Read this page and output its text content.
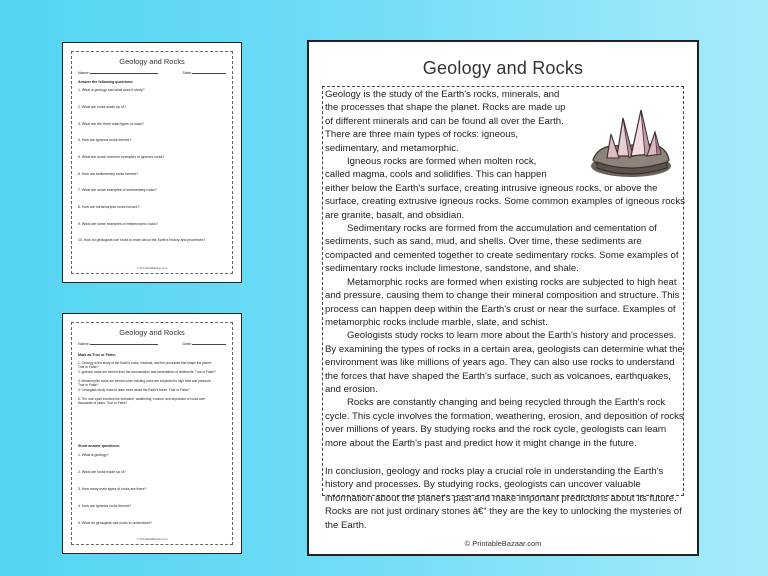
Geology and Rocks
Name:	Date:
Answer the following questions:
1. What is geology and what does it study?
2. What are rocks made up of?
3. What are the three main types of rocks?
4. How are igneous rocks formed?
5. What are some common examples of igneous rocks?
6. How are sedimentary rocks formed?
7. What are some examples of sedimentary rocks?
8. How are metamorphic rocks formed?
9. What are some examples of metamorphic rocks?
10. How do geologists use rocks to learn about the Earth's history and processes?
© PrintableBazaar.com
Geology and Rocks
Name:	Date:
Mark as True or False:
1. Geology is the study of the Earth's rocks, minerals, and the processes that shape the planet. True or False?
2. Igneous rocks are formed from the accumulation and cementation of sediments. True or False?
3. Metamorphic rocks are formed when existing rocks are subjected to high heat and pressure. True or False?
4. Geologists study rocks to learn more about the Earth's future. True or False?
5. The rock cycle involves the formation, weathering, erosion, and deposition of rocks over thousands of years. True or False?
Short answer questions:
1. What is geology?
2. What are rocks made up of?
3. How many main types of rocks are there?
4. How are igneous rocks formed?
5. What do geologists use rocks to understand?
© PrintableBazaar.com
Geology and Rocks
Geology is the study of the Earth's rocks, minerals, and
the processes that shape the planet. Rocks are made up
of different minerals and can be found all over the Earth.
There are three main types of rocks: igneous,
sedimentary, and metamorphic.
Igneous rocks are formed when molten rock,
called magma, cools and solidifies. This can happen

either below the Earth's surface, creating intrusive igneous rocks, or above the surface, creating extrusive igneous rocks. Some common examples of igneous rocks are granite, basalt, and obsidian.

Sedimentary rocks are formed from the accumulation and cementation of sediments, such as sand, mud, and shells. Over time, these sediments are compacted and cemented together to create sedimentary rocks. Some examples of sedimentary rocks include limestone, sandstone, and shale.

Metamorphic rocks are formed when existing rocks are subjected to high heat and pressure, causing them to change their mineral composition and structure. This process can happen deep within the Earth's crust or near the surface. Examples of metamorphic rocks include marble, slate, and schist.

Geologists study rocks to learn more about the Earth's history and processes. By examining the types of rocks in a certain area, geologists can determine what the environment was like millions of years ago. They can also use rocks to understand the forces that have shaped the Earth's surface, such as volcanoes, earthquakes, and erosion.

Rocks are constantly changing and being recycled through the Earth's rock cycle. This cycle involves the formation, weathering, erosion, and deposition of rocks over millions of years. By studying rocks and the rock cycle, geologists can learn more about the Earth's past and predict how it might change in the future.

In conclusion, geology and rocks play a crucial role in understanding the Earth's history and processes. By studying rocks, geologists can uncover valuable information about the planet's past and make important predictions about its future. Rocks are not just ordinary stones â€“ they are the key to unlocking the mysteries of the Earth.
© PrintableBazaar.com
